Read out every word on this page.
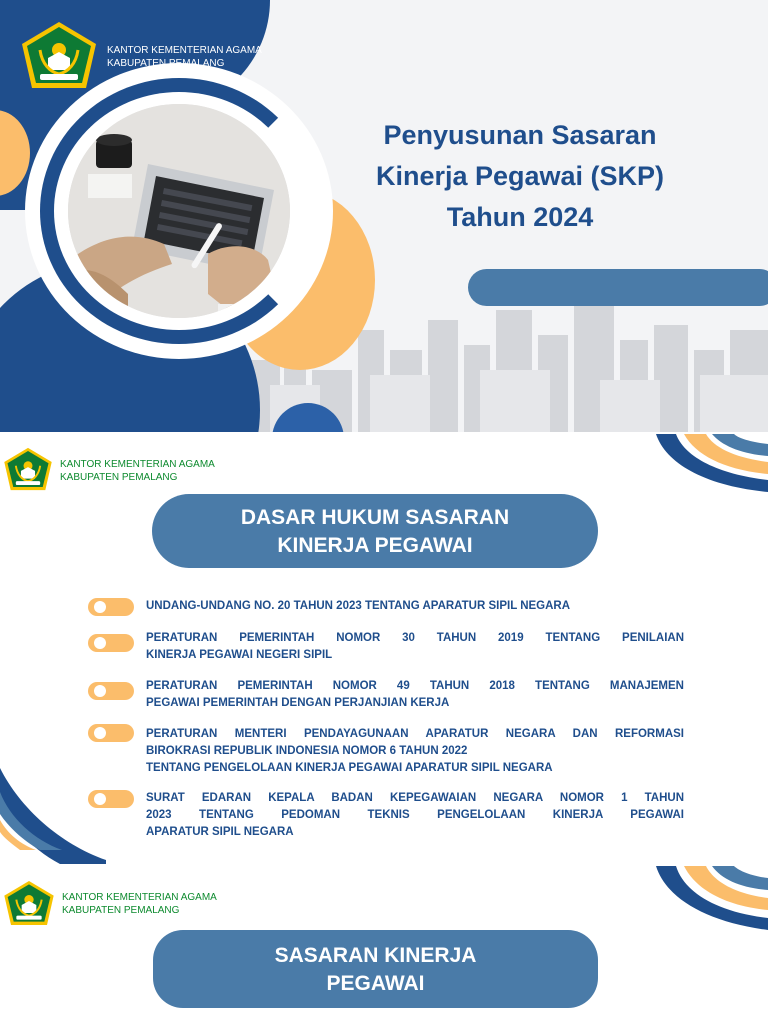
KANTOR KEMENTERIAN AGAMA
KABUPATEN PEMALANG
Penyusunan Sasaran
Kinerja Pegawai (SKP)
Tahun 2024
KANTOR KEMENTERIAN AGAMA
KABUPATEN PEMALANG
DASAR HUKUM SASARAN
KINERJA PEGAWAI
UNDANG-UNDANG NO. 20 TAHUN 2023 TENTANG APARATUR SIPIL NEGARA
PERATURAN PEMERINTAH NOMOR 30 TAHUN 2019 TENTANG PENILAIAN
KINERJA PEGAWAI NEGERI SIPIL
PERATURAN PEMERINTAH NOMOR 49 TAHUN 2018 TENTANG MANAJEMEN
PEGAWAI PEMERINTAH DENGAN PERJANJIAN KERJA
PERATURAN MENTERI PENDAYAGUNAAN APARATUR NEGARA DAN REFORMASI
BIROKRASI REPUBLIK INDONESIA NOMOR 6 TAHUN 2022
TENTANG PENGELOLAAN KINERJA PEGAWAI APARATUR SIPIL NEGARA
SURAT EDARAN KEPALA BADAN KEPEGAWAIAN NEGARA NOMOR 1 TAHUN
2023 TENTANG PEDOMAN TEKNIS PENGELOLAAN KINERJA PEGAWAI
APARATUR SIPIL NEGARA
KANTOR KEMENTERIAN AGAMA
KABUPATEN PEMALANG
SASARAN KINERJA
PEGAWAI
